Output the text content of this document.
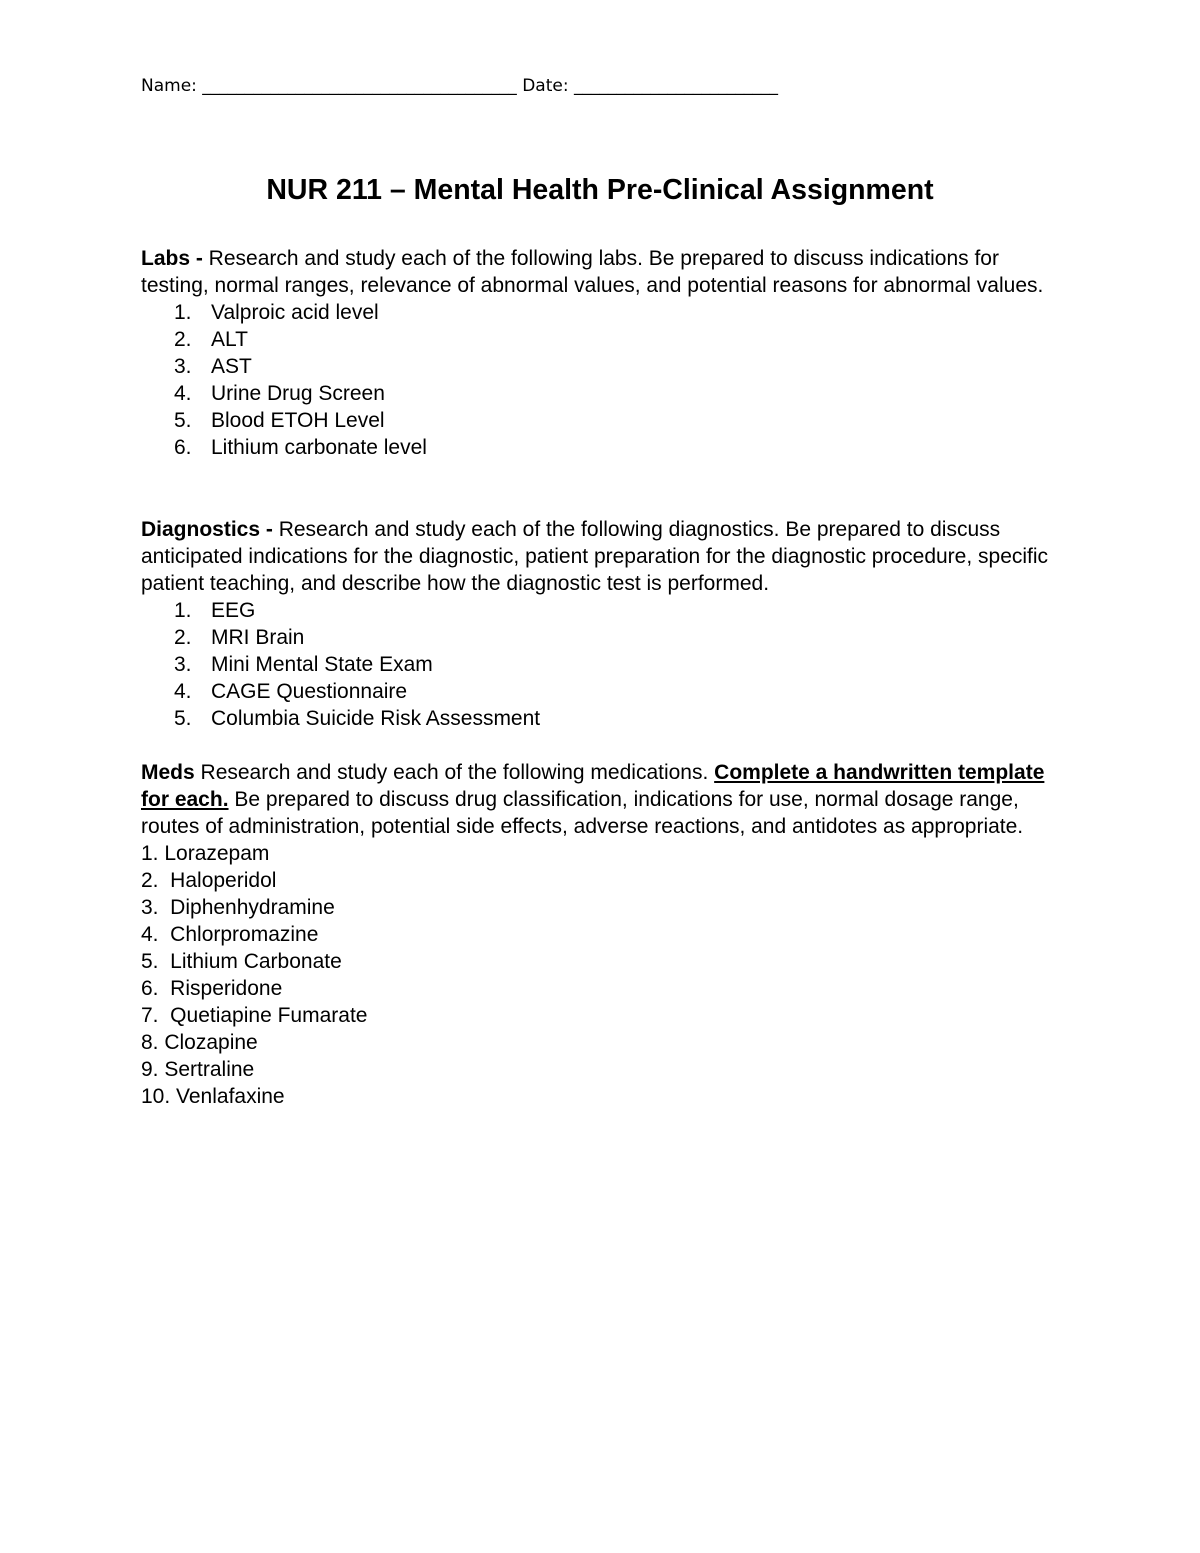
Name: _____________________________________ Date: ________________________
NUR 211 – Mental Health Pre-Clinical Assignment

Labs - Research and study each of the following labs. Be prepared to discuss indications for testing, normal ranges, relevance of abnormal values, and potential reasons for abnormal values.

1. Valproic acid level
2. ALT
3. AST
4. Urine Drug Screen
5. Blood ETOH Level
6. Lithium carbonate level

Diagnostics - Research and study each of the following diagnostics. Be prepared to discuss anticipated indications for the diagnostic, patient preparation for the diagnostic procedure, specific patient teaching, and describe how the diagnostic test is performed.

1. EEG
2. MRI Brain
3. Mini Mental State Exam
4. CAGE Questionnaire
5. Columbia Suicide Risk Assessment

Meds Research and study each of the following medications. Complete a handwritten template for each. Be prepared to discuss drug classification, indications for use, normal dosage range, routes of administration, potential side effects, adverse reactions, and antidotes as appropriate.

1. Lorazepam
2.  Haloperidol
3.  Diphenhydramine
4.  Chlorpromazine
5.  Lithium Carbonate
6.  Risperidone
7.  Quetiapine Fumarate
8. Clozapine
9. Sertraline
10. Venlafaxine
